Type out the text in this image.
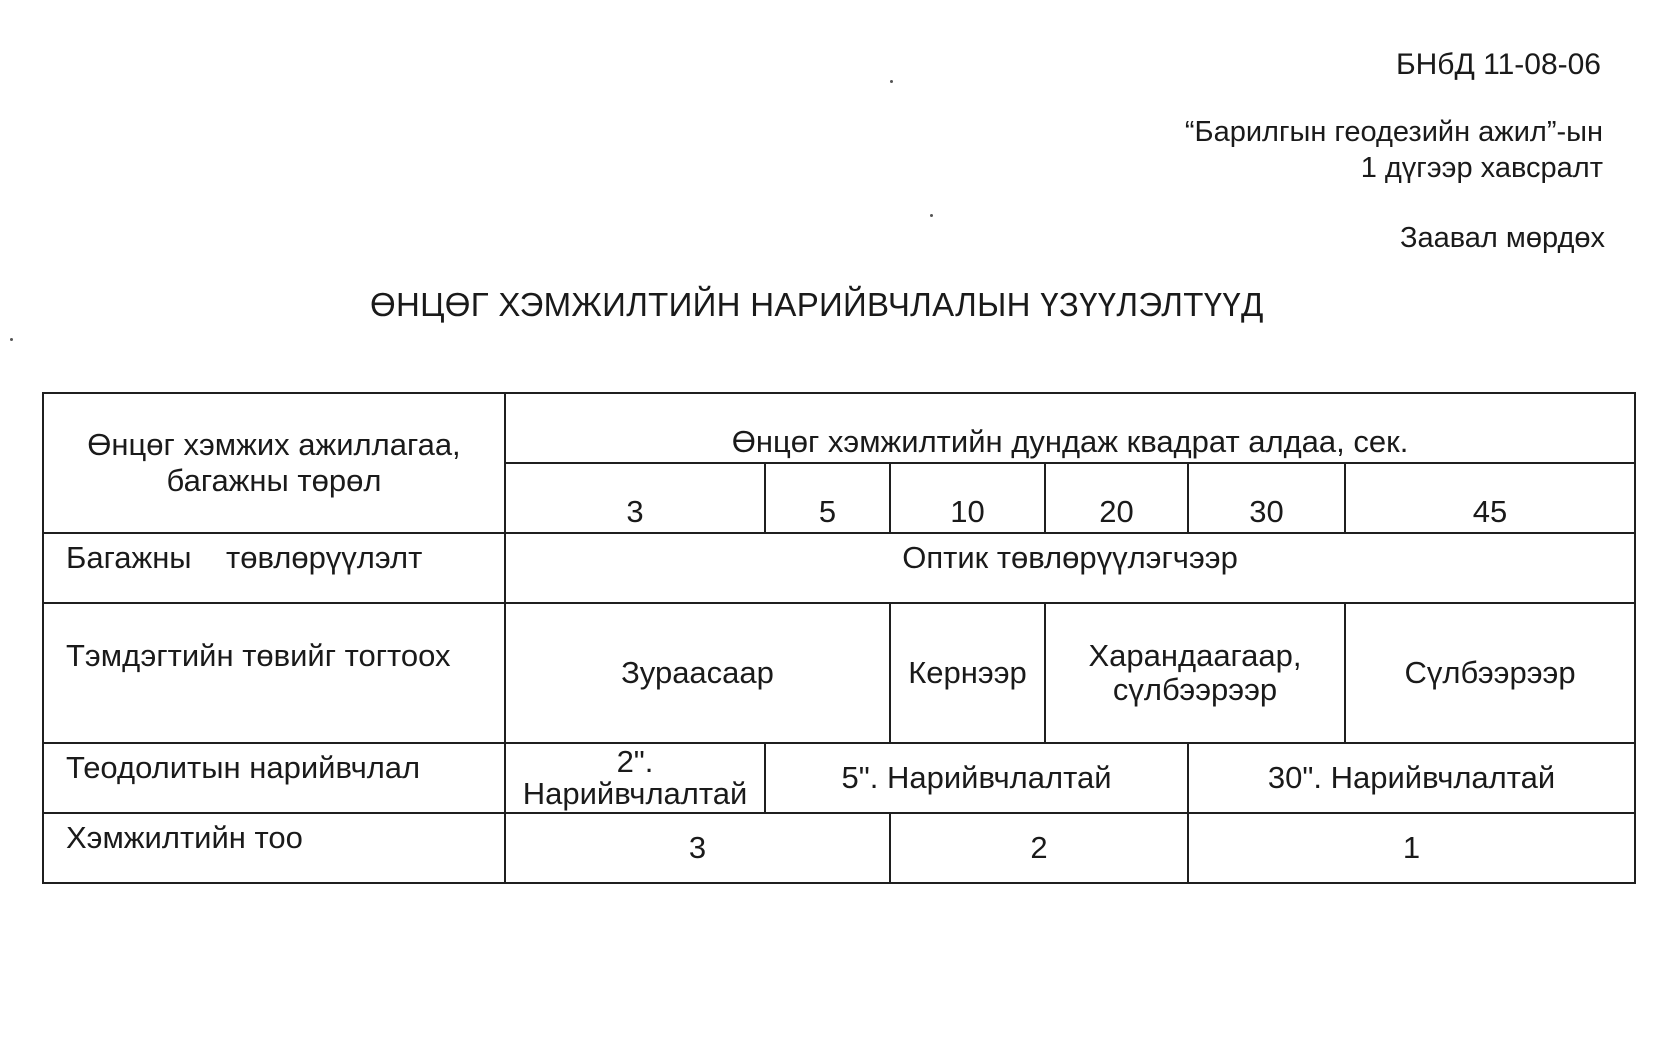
БНбД 11-08-06
“Барилгын геодезийн ажил”-ын
1 дүгээр хавсралт
Заавал мөрдөх
ӨНЦӨГ ХЭМЖИЛТИЙН НАРИЙВЧЛАЛЫН ҮЗҮҮЛЭЛТҮҮД
Өнцөг хэмжих ажиллагаа, багажны төрөл	Өнцөг хэмжилтийн дундаж квадрат алдаа, сек.					
	3	5	10	20	30	45
Багажны    төвлөрүүлэлт	Оптик төвлөрүүлэгчээр					
Тэмдэгтийн төвийг тогтоох	Зураасаар		Кернээр	Харандаагаар, сүлбээрээр		Сүлбээрээр
Теодолитын нарийвчлал	2". Нарийвчлалтай	5". Нарийвчлалтай			30". Нарийвчлалтай	
Хэмжилтийн тоо	3		2		1	
